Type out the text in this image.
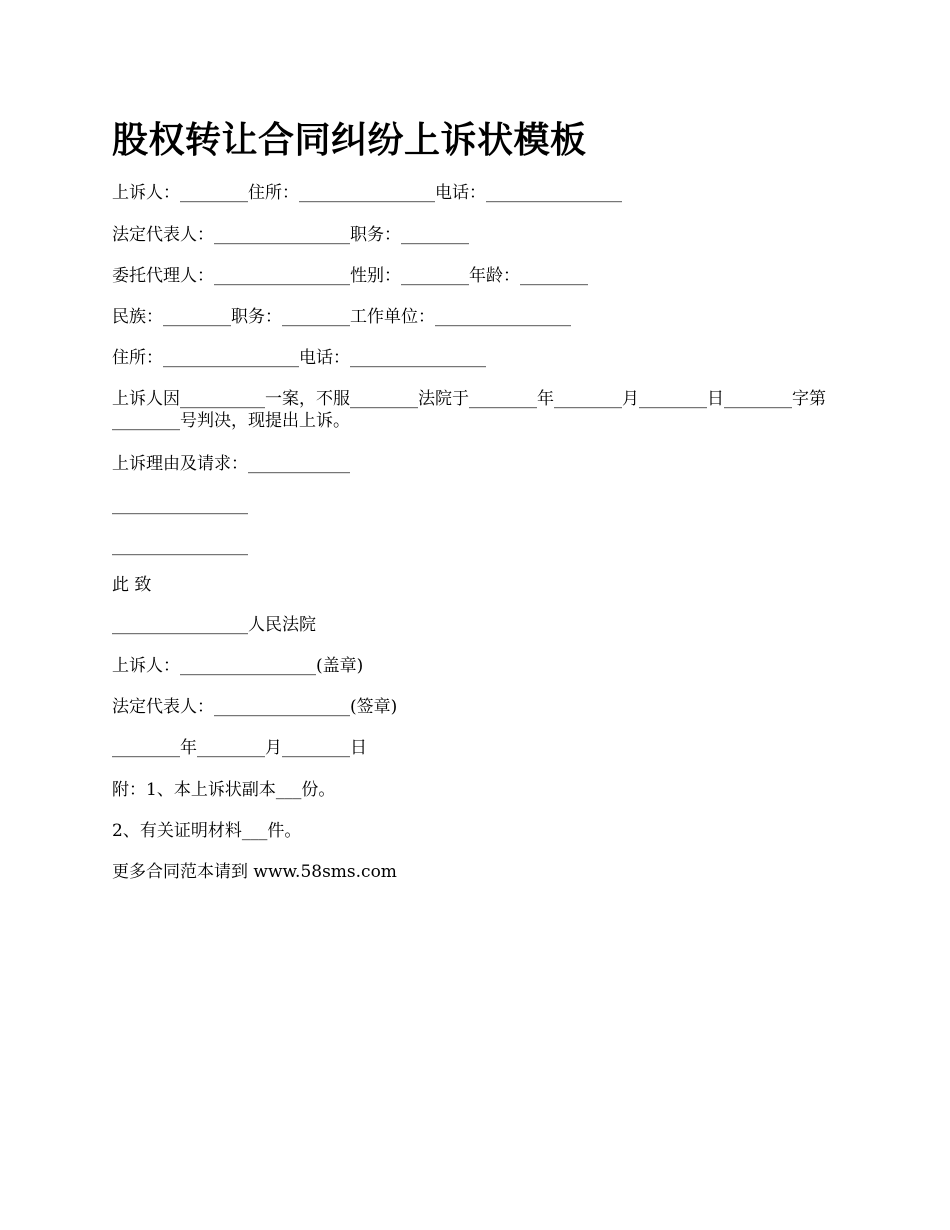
股权转让合同纠纷上诉状模板

上诉人：________住所：________________电话：________________

法定代表人：________________职务：________

委托代理人：________________性别：________年龄：________

民族：________职务：________工作单位：________________

住所：________________电话：________________

上诉人因__________一案，不服________法院于________年________月________日________字第________号判决，现提出上诉。

上诉理由及请求：____________

________________

________________

此 致

________________人民法院

上诉人：________________(盖章)

法定代表人：________________(签章)

________年________月________日

附：1、本上诉状副本___份。

2、有关证明材料___件。

更多合同范本请到 www.58sms.com
